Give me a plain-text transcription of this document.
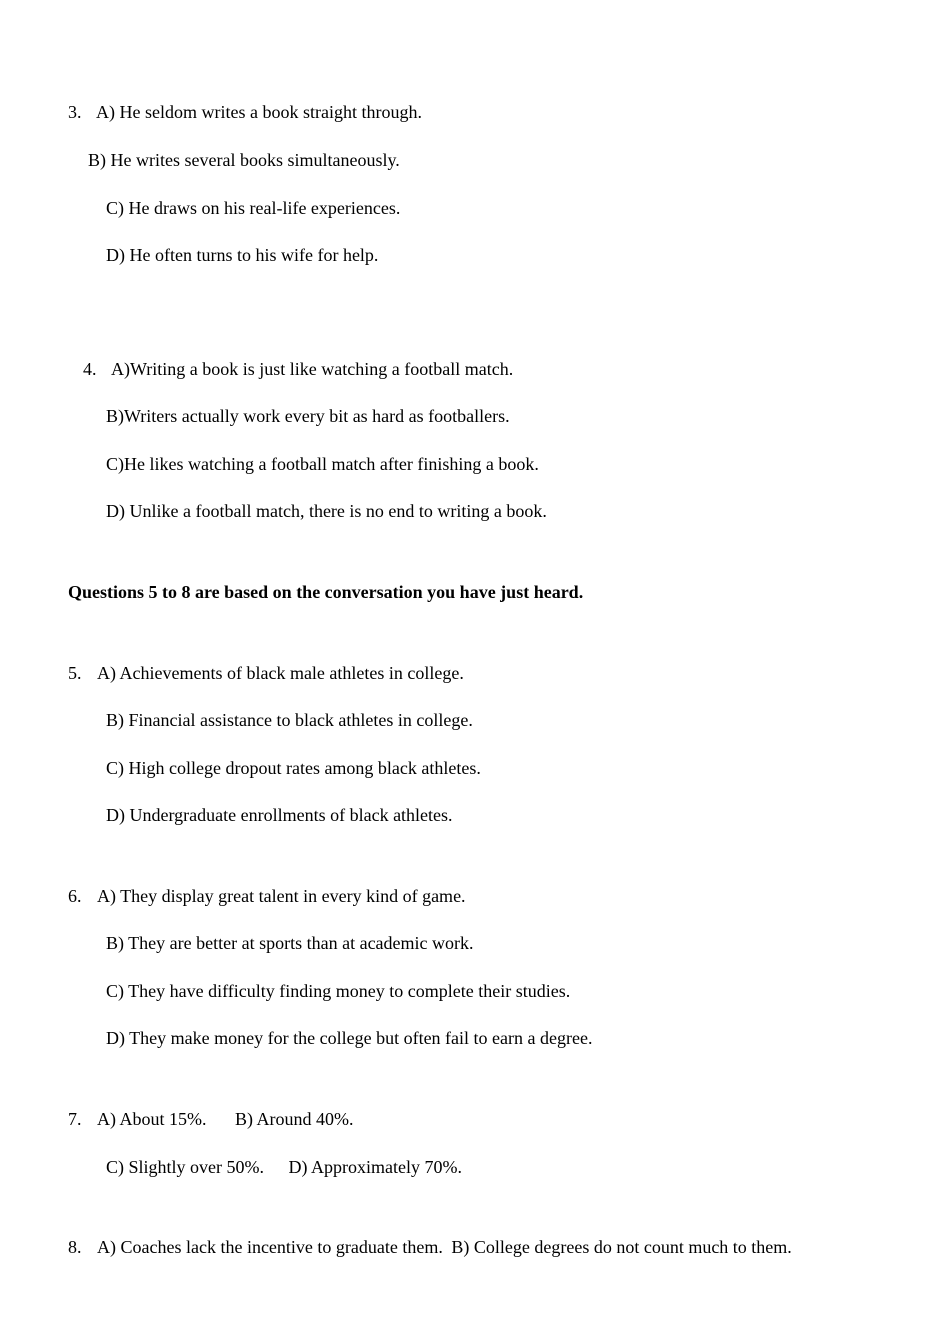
3. A) He seldom writes a book straight through.
B) He writes several books simultaneously.
C) He draws on his real-life experiences.
D) He often turns to his wife for help.
4. A)Writing a book is just like watching a football match.
B)Writers actually work every bit as hard as footballers.
C)He likes watching a football match after finishing a book.
D) Unlike a football match, there is no end to writing a book.
Questions 5 to 8 are based on the conversation you have just heard.
5. A) Achievements of black male athletes in college.
B) Financial assistance to black athletes in college.
C) High college dropout rates among black athletes.
D) Undergraduate enrollments of black athletes.
6. A) They display great talent in every kind of game.
B) They are better at sports than at academic work.
C) They have difficulty finding money to complete their studies.
D) They make money for the college but often fail to earn a degree.
7. A) About 15%. B) Around 40%.
C) Slightly over 50%. D) Approximately 70%.
8. A) Coaches lack the incentive to graduate them. B) College degrees do not count much to them.
